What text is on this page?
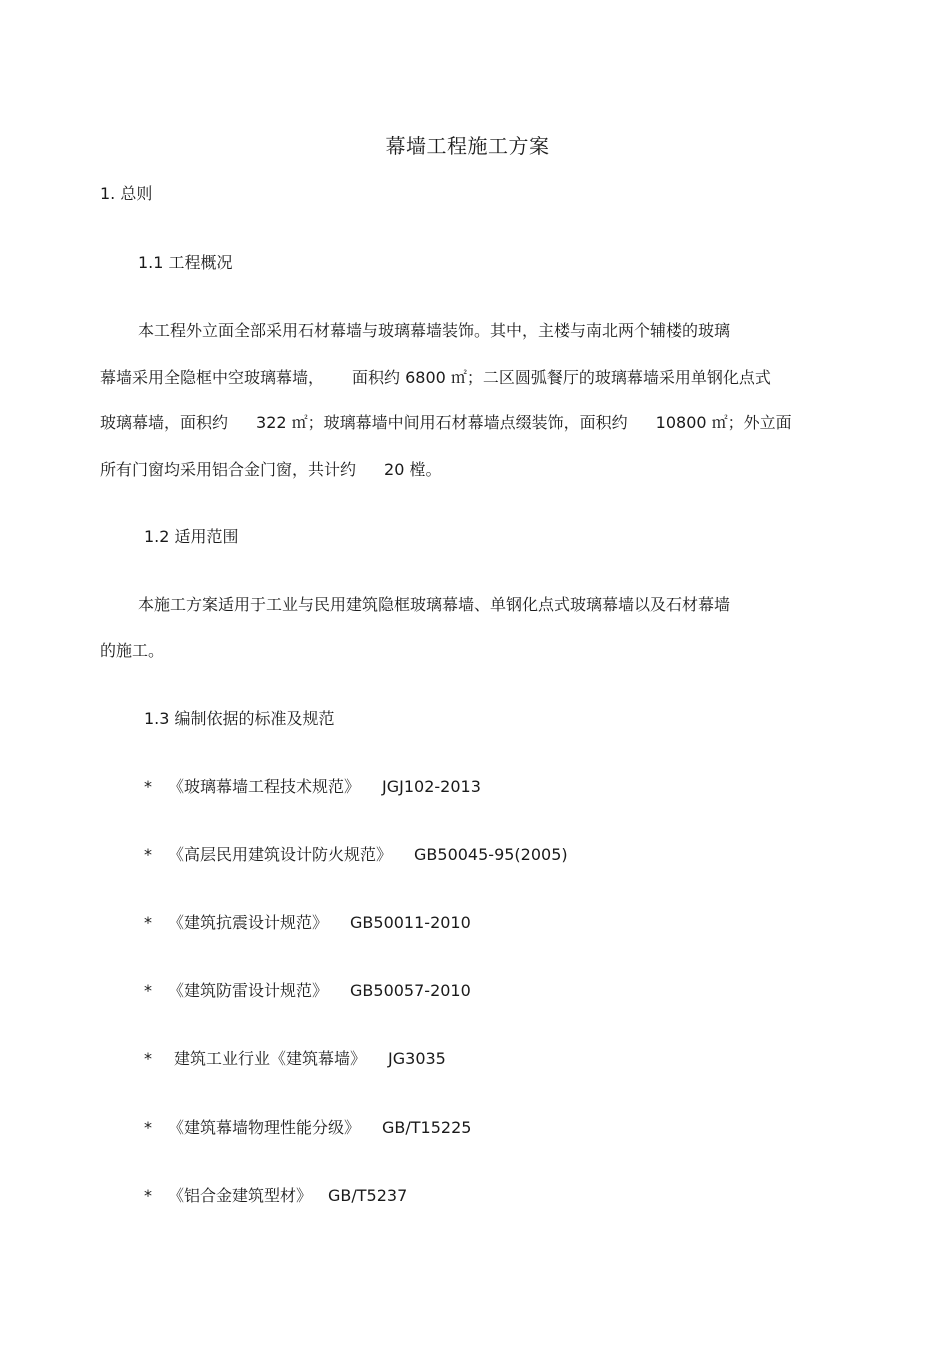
幕墙工程施工方案
1. 总则
1.1 工程概况
本工程外立面全部采用石材幕墙与玻璃幕墙装饰。其中，主楼与南北两个辅楼的玻璃
幕墙采用全隐框中空玻璃幕墙， 面积约 6800 ㎡；二区圆弧餐厅的玻璃幕墙采用单钢化点式
玻璃幕墙，面积约 322 ㎡；玻璃幕墙中间用石材幕墙点缀装饰，面积约 10800 ㎡；外立面
所有门窗均采用铝合金门窗，共计约 20 樘。
1.2 适用范围
本施工方案适用于工业与民用建筑隐框玻璃幕墙、单钢化点式玻璃幕墙以及石材幕墙
的施工。
1.3 编制依据的标准及规范
* 《玻璃幕墙工程技术规范》 JGJ102-2013
* 《高层民用建筑设计防火规范》 GB50045-95(2005)
* 《建筑抗震设计规范》 GB50011-2010
* 《建筑防雷设计规范》 GB50057-2010
* 建筑工业行业《建筑幕墙》 JG3035
* 《建筑幕墙物理性能分级》 GB/T15225
* 《铝合金建筑型材》 GB/T5237
